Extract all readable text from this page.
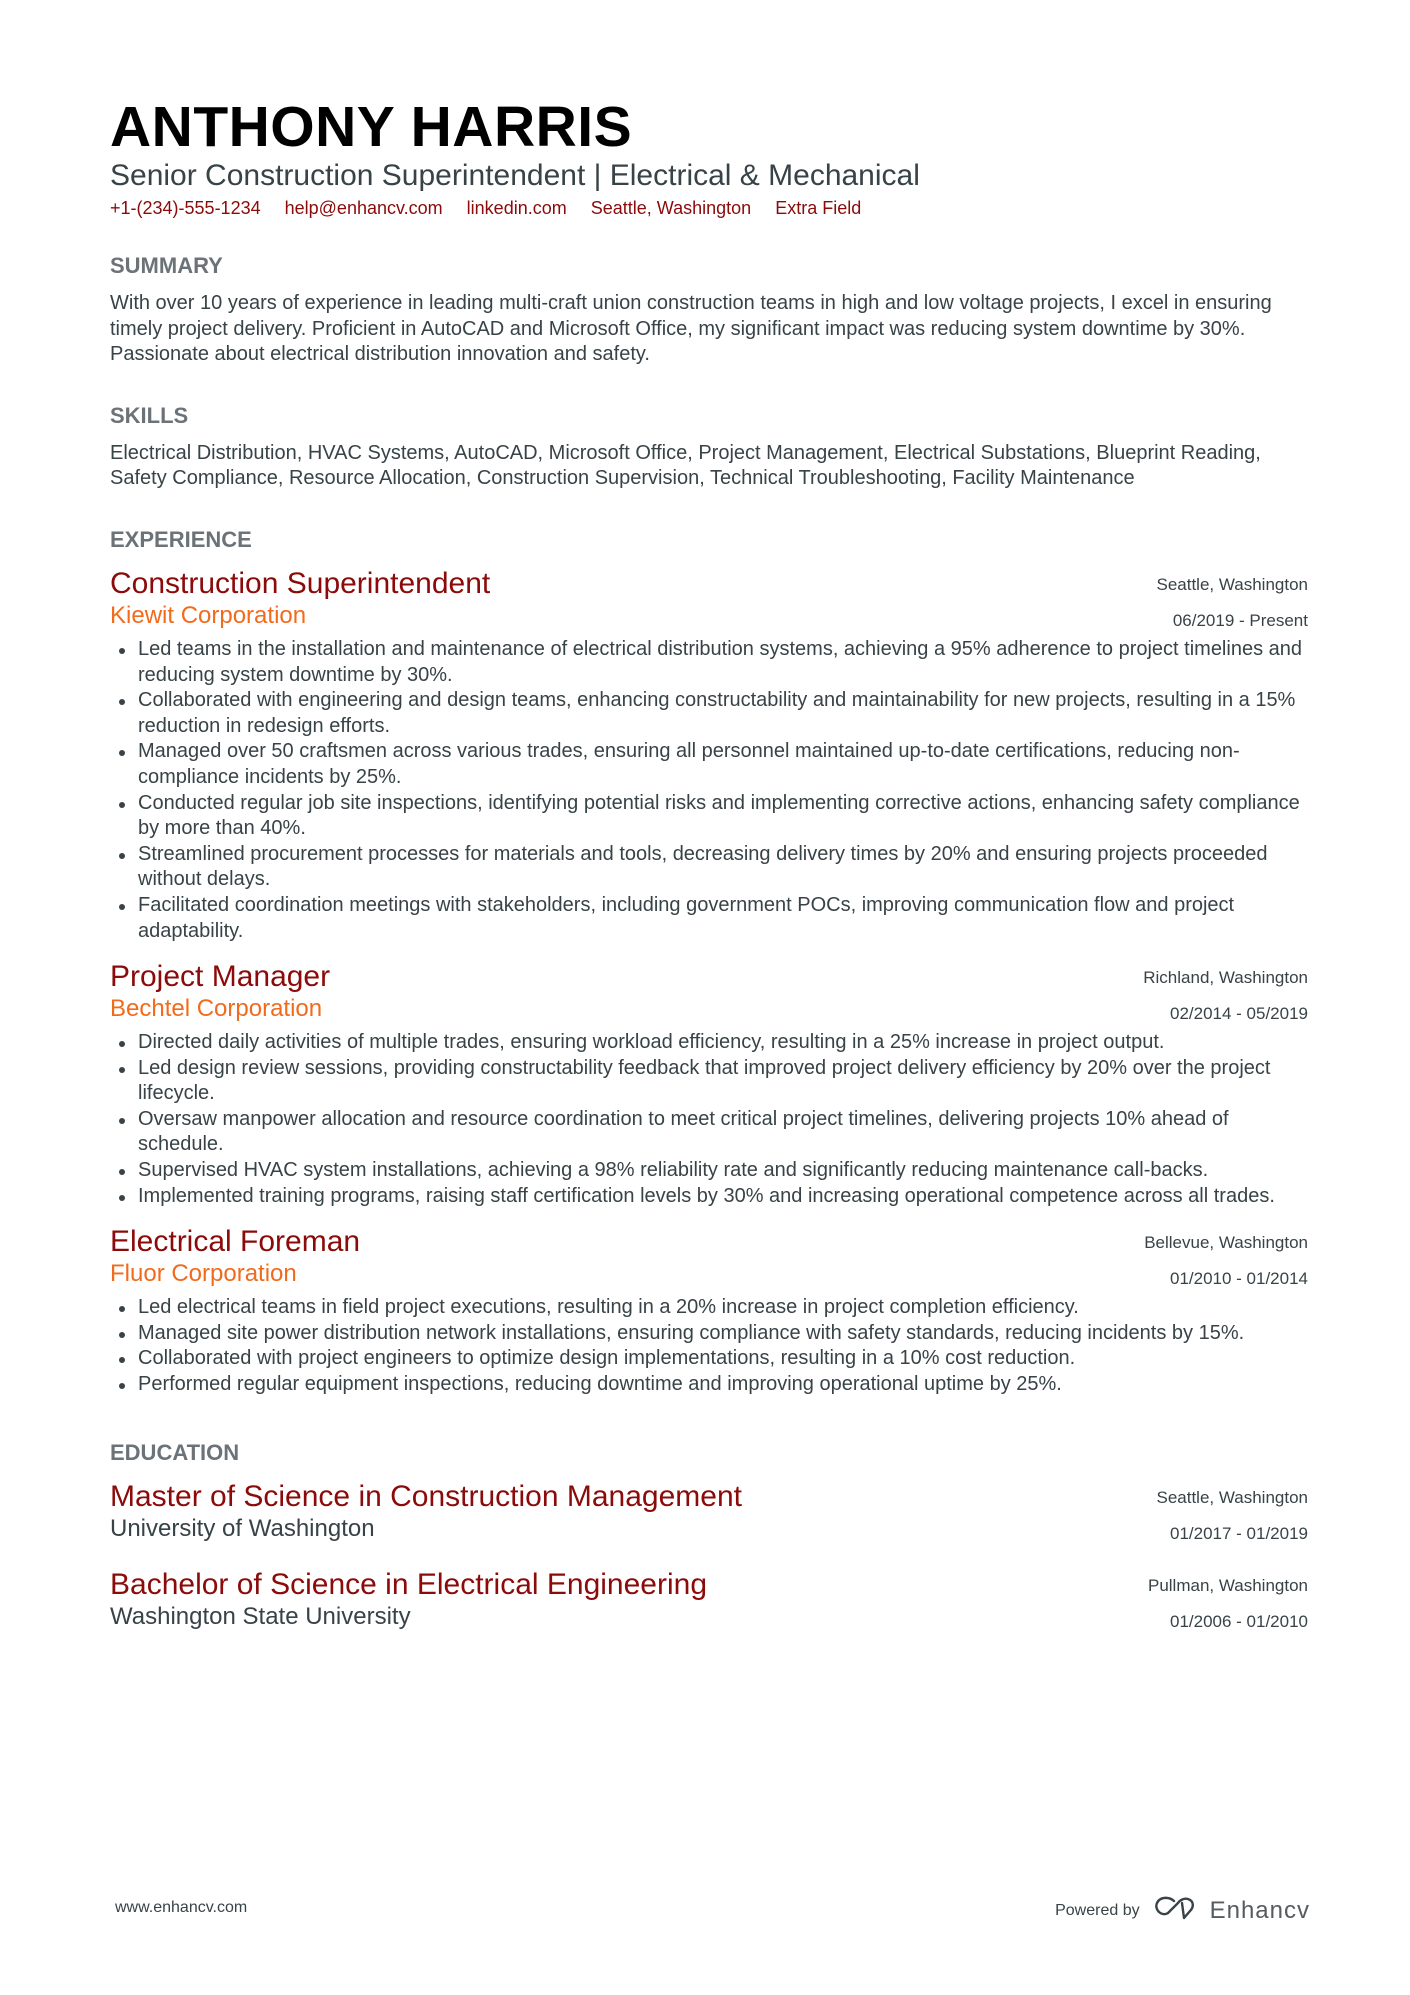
ANTHONY HARRIS
Senior Construction Superintendent | Electrical & Mechanical
+1-(234)-555-1234 help@enhancv.com linkedin.com Seattle, Washington Extra Field
SUMMARY
With over 10 years of experience in leading multi-craft union construction teams in high and low voltage projects, I excel in ensuring timely project delivery. Proficient in AutoCAD and Microsoft Office, my significant impact was reducing system downtime by 30%. Passionate about electrical distribution innovation and safety.
SKILLS
Electrical Distribution, HVAC Systems, AutoCAD, Microsoft Office, Project Management, Electrical Substations, Blueprint Reading, Safety Compliance, Resource Allocation, Construction Supervision, Technical Troubleshooting, Facility Maintenance
EXPERIENCE
Construction Superintendent
Kiewit Corporation
Seattle, Washington
06/2019 - Present
Led teams in the installation and maintenance of electrical distribution systems, achieving a 95% adherence to project timelines and reducing system downtime by 30%.
Collaborated with engineering and design teams, enhancing constructability and maintainability for new projects, resulting in a 15% reduction in redesign efforts.
Managed over 50 craftsmen across various trades, ensuring all personnel maintained up-to-date certifications, reducing non-compliance incidents by 25%.
Conducted regular job site inspections, identifying potential risks and implementing corrective actions, enhancing safety compliance by more than 40%.
Streamlined procurement processes for materials and tools, decreasing delivery times by 20% and ensuring projects proceeded without delays.
Facilitated coordination meetings with stakeholders, including government POCs, improving communication flow and project adaptability.
Project Manager
Bechtel Corporation
Richland, Washington
02/2014 - 05/2019
Directed daily activities of multiple trades, ensuring workload efficiency, resulting in a 25% increase in project output.
Led design review sessions, providing constructability feedback that improved project delivery efficiency by 20% over the project lifecycle.
Oversaw manpower allocation and resource coordination to meet critical project timelines, delivering projects 10% ahead of schedule.
Supervised HVAC system installations, achieving a 98% reliability rate and significantly reducing maintenance call-backs.
Implemented training programs, raising staff certification levels by 30% and increasing operational competence across all trades.
Electrical Foreman
Fluor Corporation
Bellevue, Washington
01/2010 - 01/2014
Led electrical teams in field project executions, resulting in a 20% increase in project completion efficiency.
Managed site power distribution network installations, ensuring compliance with safety standards, reducing incidents by 15%.
Collaborated with project engineers to optimize design implementations, resulting in a 10% cost reduction.
Performed regular equipment inspections, reducing downtime and improving operational uptime by 25%.
EDUCATION
Master of Science in Construction Management
University of Washington
Seattle, Washington
01/2017 - 01/2019
Bachelor of Science in Electrical Engineering
Washington State University
Pullman, Washington
01/2006 - 01/2010
www.enhancv.com	Powered by	Enhancv
